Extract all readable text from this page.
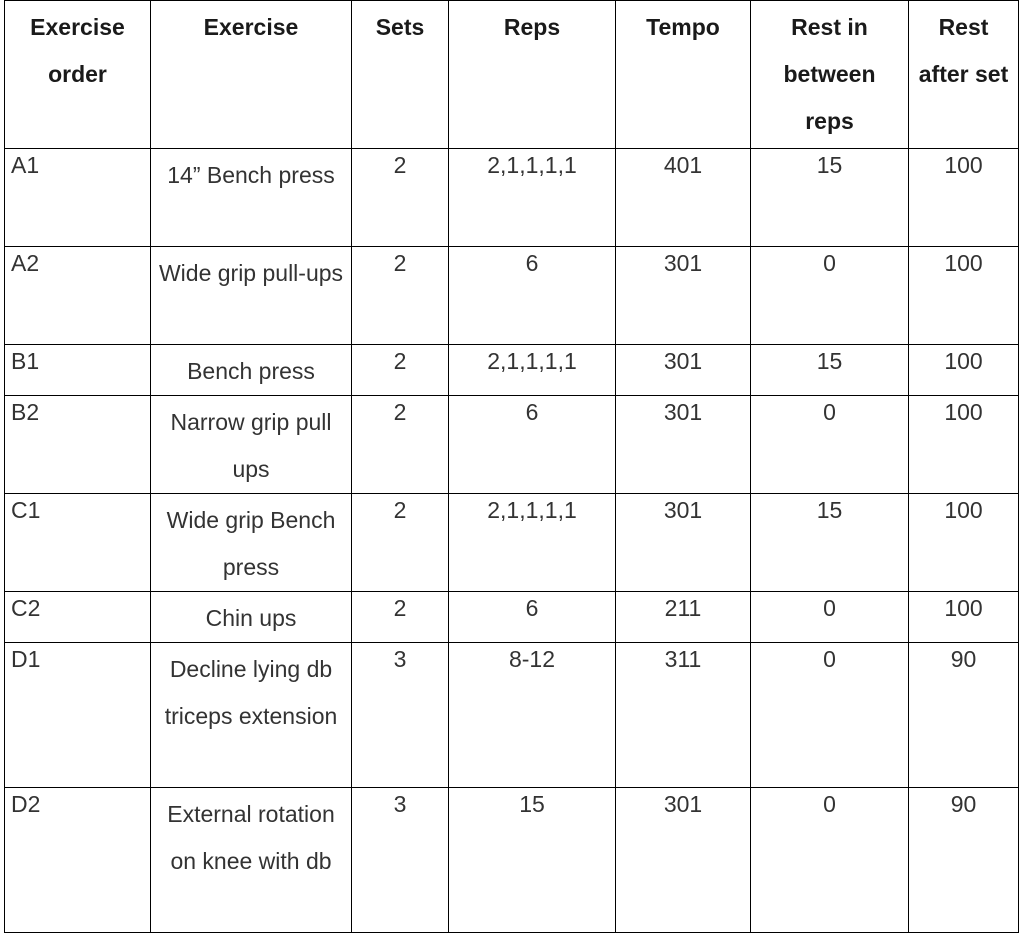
Exercise order	Exercise	Sets	Reps	Tempo	Rest in between reps	Rest after set
A1	14” Bench press	2	2,1,1,1,1	401	15	100
A2	Wide grip pull-ups	2	6	301	0	100
B1	Bench press	2	2,1,1,1,1	301	15	100
B2	Narrow grip pull ups	2	6	301	0	100
C1	Wide grip Bench press	2	2,1,1,1,1	301	15	100
C2	Chin ups	2	6	211	0	100
D1	Decline lying db triceps extension	3	8-12	311	0	90
D2	External rotation on knee with db	3	15	301	0	90
